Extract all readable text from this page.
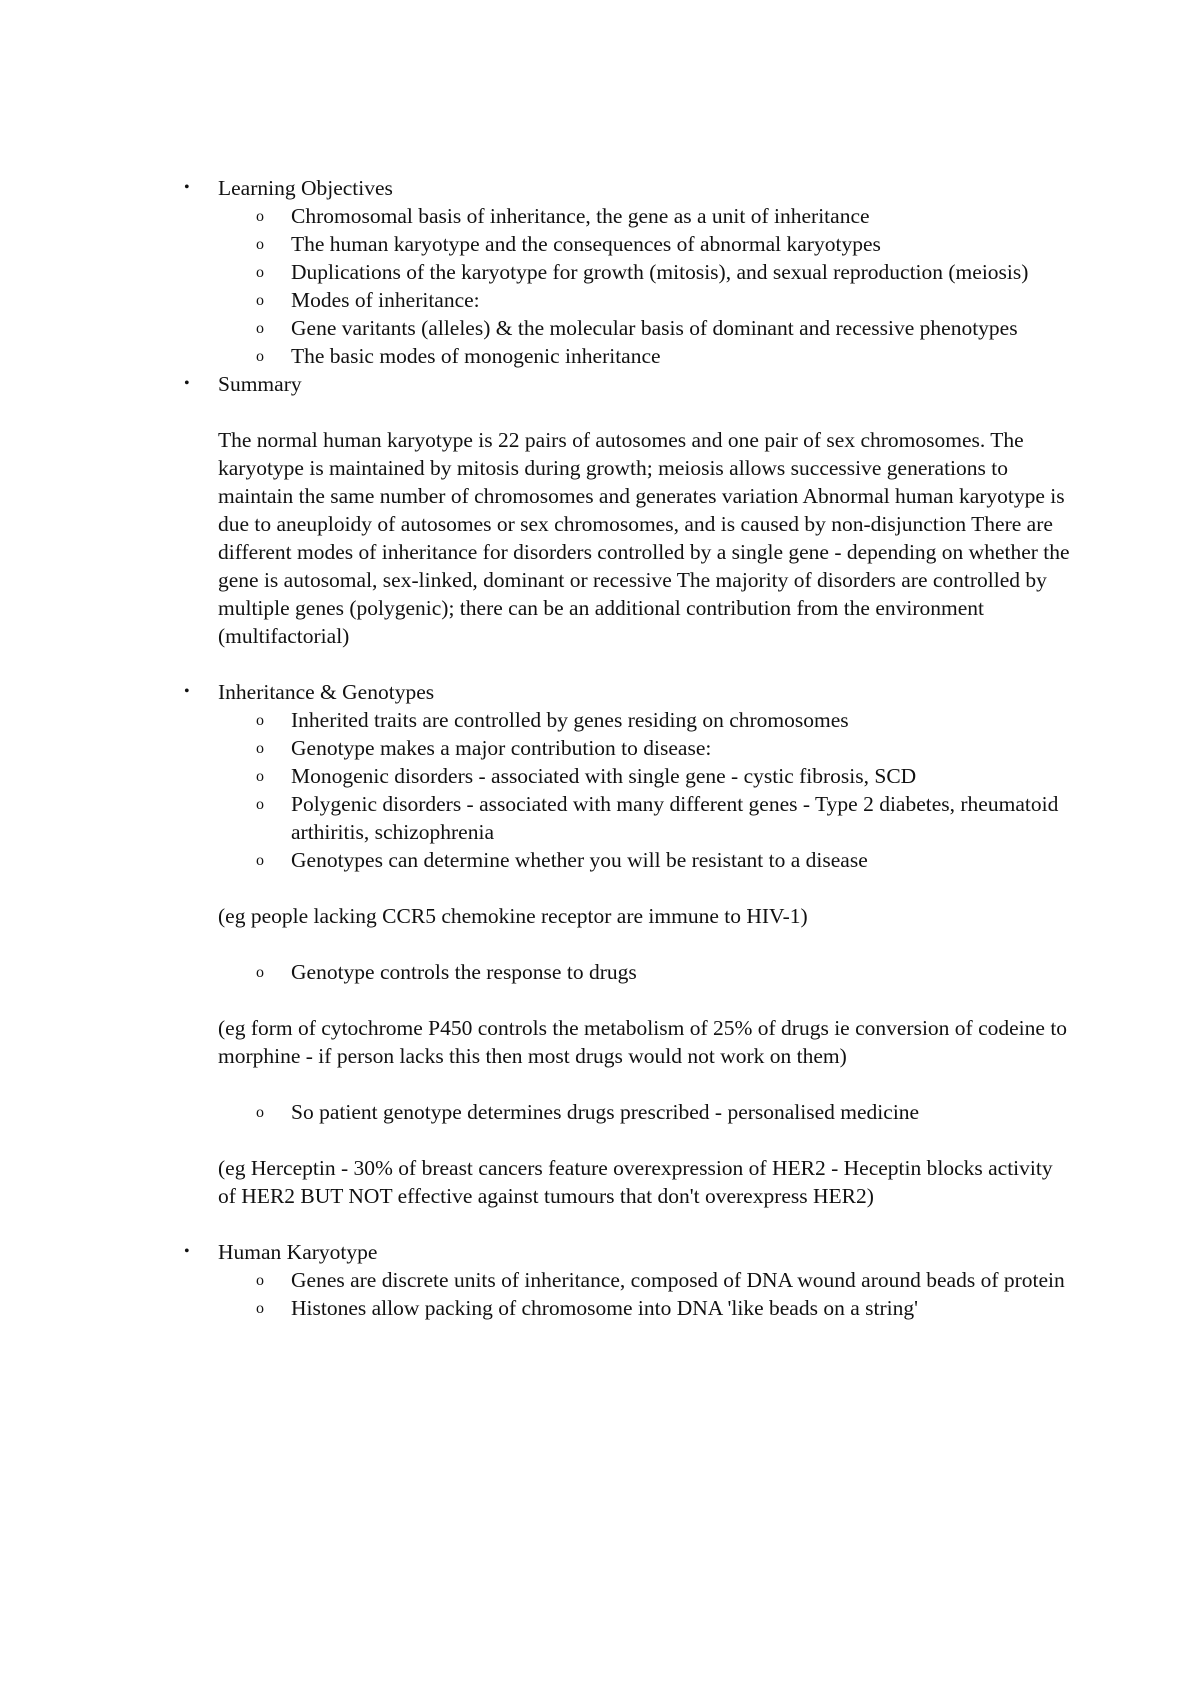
• Learning Objectives
o Chromosomal basis of inheritance, the gene as a unit of inheritance
o The human karyotype and the consequences of abnormal karyotypes
o Duplications of the karyotype for growth (mitosis), and sexual reproduction (meiosis)
o Modes of inheritance:
o Gene varitants (alleles) & the molecular basis of dominant and recessive phenotypes
o The basic modes of monogenic inheritance
• Summary
The normal human karyotype is 22 pairs of autosomes and one pair of sex chromosomes. The karyotype is maintained by mitosis during growth; meiosis allows successive generations to maintain the same number of chromosomes and generates variation Abnormal human karyotype is due to aneuploidy of autosomes or sex chromosomes, and is caused by non-disjunction There are different modes of inheritance for disorders controlled by a single gene - depending on whether the gene is autosomal, sex-linked, dominant or recessive The majority of disorders are controlled by multiple genes (polygenic); there can be an additional contribution from the environment (multifactorial)
• Inheritance & Genotypes
o Inherited traits are controlled by genes residing on chromosomes
o Genotype makes a major contribution to disease:
o Monogenic disorders - associated with single gene - cystic fibrosis, SCD
o Polygenic disorders - associated with many different genes - Type 2 diabetes, rheumatoid arthiritis, schizophrenia
o Genotypes can determine whether you will be resistant to a disease
(eg people lacking CCR5 chemokine receptor are immune to HIV-1)
o Genotype controls the response to drugs
(eg form of cytochrome P450 controls the metabolism of 25% of drugs ie conversion of codeine to morphine - if person lacks this then most drugs would not work on them)
o So patient genotype determines drugs prescribed - personalised medicine
(eg Herceptin - 30% of breast cancers feature overexpression of HER2 - Heceptin blocks activity of HER2 BUT NOT effective against tumours that don't overexpress HER2)
• Human Karyotype
o Genes are discrete units of inheritance, composed of DNA wound around beads of protein
o Histones allow packing of chromosome into DNA 'like beads on a string'
